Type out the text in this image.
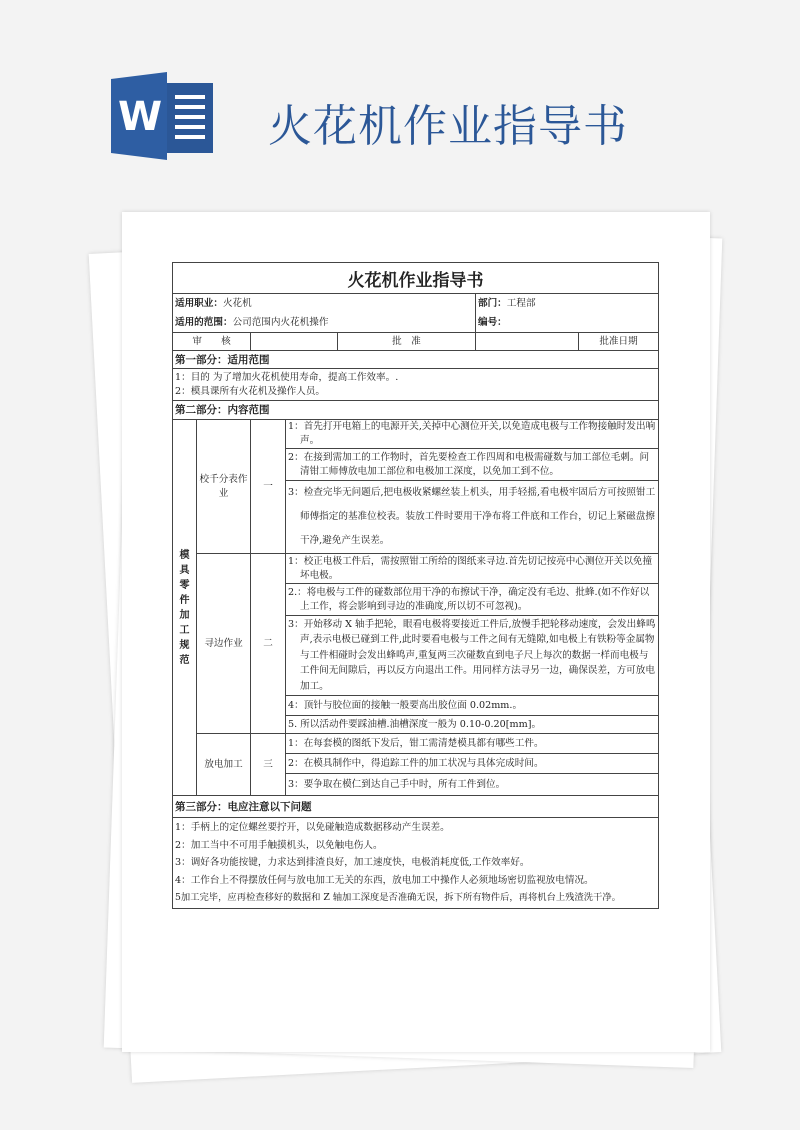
W 火花机作业指导书
火花机作业指导书						
适用职业：火花机					部门：工程部	
适用的范围：公司范围内火花机操作					编号：	
审　　核				批　准		批准日期
第一部分：适用范围						

1：目的 为了增加火花机使用寿命，提高工作效率。.
2：模具课所有火花机及操作人员。						

第二部分：内容范围						

模具零件加工规范	校千分表作业	一	1：首先打开电箱上的电源开关,关掉中心测位开关,以免造成电极与工作物接触时发出响声。			
			2：在接到需加工的工作物时，首先要检查工作四周和电极需碰数与加工部位毛刺。问清钳工师傅放电加工部位和电极加工深度，以免加工到不位。			
			3：检查完毕无问题后,把电极收紧螺丝装上机头，用手轻摇,看电极牢固后方可按照钳工师傅指定的基准位校表。装放工件时要用干净布将工件底和工作台，切记上紧磁盘擦干净,避免产生误差。			
	寻边作业	二	1：校正电极工件后，需按照钳工所给的图纸来寻边.首先切记按亮中心测位开关以免撞坏电极。			
			2.：将电极与工件的碰数部位用干净的布擦试干净，确定没有毛边、批蜂.(如不作好以上工作，将会影响到寻边的准确度,所以切不可忽视)。			
			3：开始移动 X 轴手把轮，眼看电极将要接近工件后,放慢手把轮移动速度，会发出蜂鸣声,表示电极已碰到工件,此时要看电极与工件之间有无缝隙,如电极上有铁粉等金属物与工件相碰时会发出蜂鸣声,重复两三次碰数直到电子尺上每次的数据一样而电极与工件间无间隙后，再以反方向退出工件。用同样方法寻另一边，确保误差，方可放电加工。			
			4：顶针与胶位面的接触一般要高出胶位面 0.02mm.。			
			5. 所以活动件要踩油槽.油槽深度一般为 0.10-0.20[mm]。			
	放电加工	三	1：在每套模的图纸下发后，钳工需清楚模具都有哪些工件。			
			2：在模具制作中，得追踪工件的加工状况与具体完成时间。			
			3：要争取在模仁到达自己手中时，所有工件到位。			
第三部分：电应注意以下问题						

1：手柄上的定位螺丝要拧开，以免碰触造成数据移动产生误差。
2：加工当中不可用手触摸机头，以免触电伤人。
3：调好各功能按键，力求达到排渣良好，加工速度快，电极消耗度低,工作效率好。
4：工作台上不得摆放任何与放电加工无关的东西，放电加工中操作人必须地场密切监视放电情况。
5加工完毕，应再检查移好的数据和 Z 轴加工深度是否准确无误，拆下所有物件后，再将机台上残渣洗干净。						
